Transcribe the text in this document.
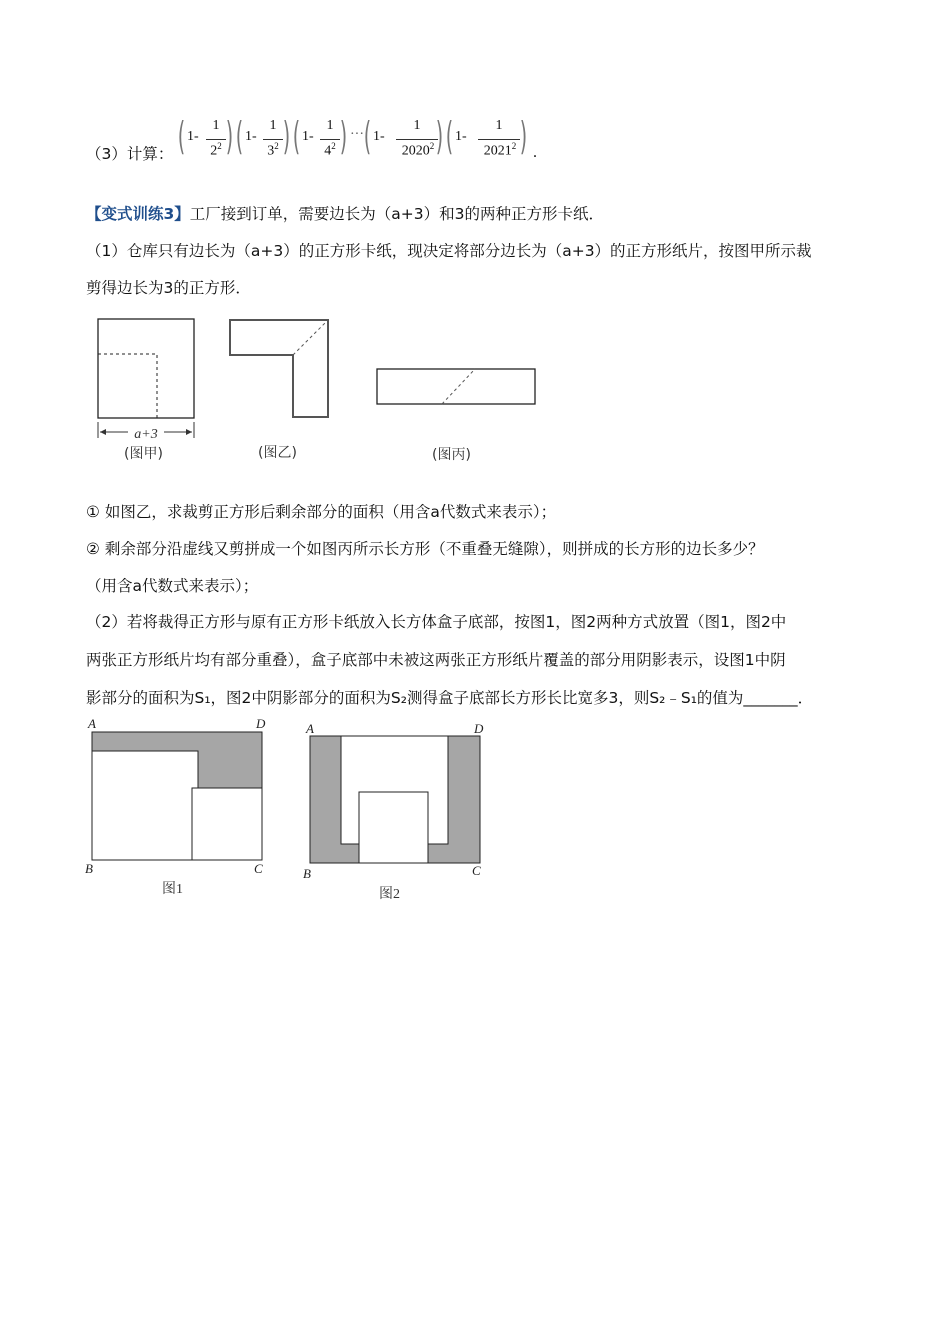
（3）计算： ( 1-
1
$2^2$ ) ( 1-
1
$3^2$ ) ( 1-
1
$4^2$ ) ··· ( 1-
1
2020$^2$ ) ( 1-
1
2021$^2$ ) .
【变式训练3】工厂接到订单，需要边长为（a+3）和3的两种正方形卡纸．
（1）仓库只有边长为（a+3）的正方形卡纸，现决定将部分边长为（a+3）的正方形纸片，按图甲所示裁
剪得边长为3的正方形．
a+3
(图甲)	(图乙)	(图丙)
① 如图乙，求裁剪正方形后剩余部分的面积（用含a代数式来表示）；
② 剩余部分沿虚线又剪拼成一个如图丙所示长方形（不重叠无缝隙），则拼成的长方形的边长多少？
（用含a代数式来表示）；
（2）若将裁得正方形与原有正方形卡纸放入长方体盒子底部，按图1，图2两种方式放置（图1，图2中
两张正方形纸片均有部分重叠），盒子底部中未被这两张正方形纸片覆盖的部分用阴影表示，设图1中阴
影部分的面积为S₁，图2中阴影部分的面积为S₂测得盒子底部长方形长比宽多3，则S₂﹣S₁的值为_______．
A	D
B	C
A	D
B	C
图1	图2
